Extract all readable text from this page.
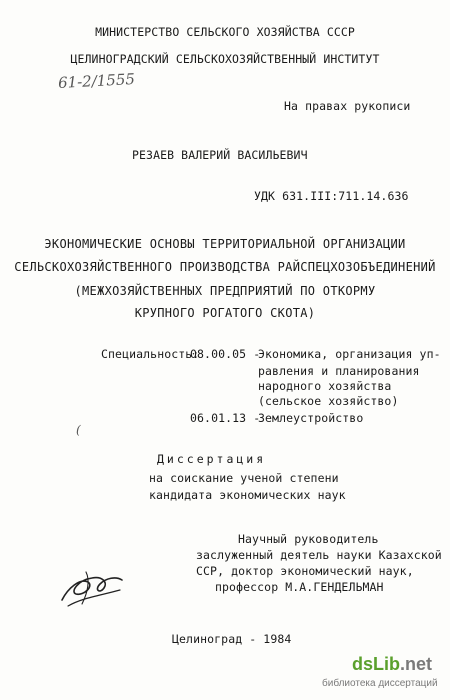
МИНИСТЕРСТВО СЕЛЬСКОГО ХОЗЯЙСТВА СССР
ЦЕЛИНОГРАДСКИЙ СЕЛЬСКОХОЗЯЙСТВЕННЫЙ ИНСТИТУТ
61-2/1555
На правах рукописи
РЕЗАЕВ ВАЛЕРИЙ ВАСИЛЬЕВИЧ
УДК 631.III:711.14.636
ЭКОНОМИЧЕСКИЕ ОСНОВЫ ТЕРРИТОРИАЛЬНОЙ ОРГАНИЗАЦИИ
СЕЛЬСКОХОЗЯЙСТВЕННОГО ПРОИЗВОДСТВА РАЙСПЕЦХОЗОБЪЕДИНЕНИЙ
(МЕЖХОЗЯЙСТВЕННЫХ ПРЕДПРИЯТИЙ ПО ОТКОРМУ
КРУПНОГО РОГАТОГО СКОТА)
Специальность:
08.00.05 -
Экономика, организация уп-
равления и планирования
народного хозяйства
(сельское хозяйство)
06.01.13 -
Землеустройство
(
Диссертация
на соискание ученой степени
кандидата экономических наук
Научный руководитель
заслуженный деятель науки Казахской
ССР, доктор экономический наук,
профессор М.А.ГЕНДЕЛЬМАН
Целиноград - 1984
dsLib.net
библиотека диссертаций
